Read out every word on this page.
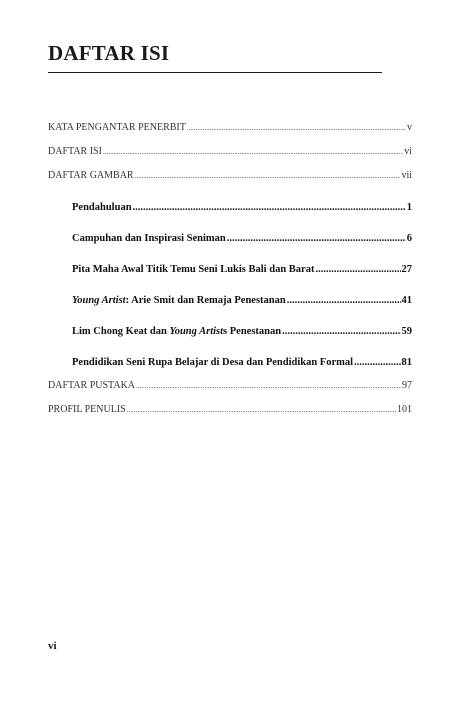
DAFTAR ISI
KATA PENGANTAR PENERBIT .....	v
DAFTAR ISI .....	vi
DAFTAR GAMBAR .....	vii
Pendahuluan .....	1
Campuhan dan Inspirasi Seniman .....	6
Pita Maha Awal Titik Temu Seni Lukis Bali dan Barat .....	27
Young Artist: Arie Smit dan Remaja Penestanan .....	41
Lim Chong Keat dan Young Artists Penestanan .....	59
Pendidikan Seni Rupa Belajar di Desa dan Pendidikan Formal .....	81
DAFTAR PUSTAKA .....	97
PROFIL PENULIS .....	101
vi
